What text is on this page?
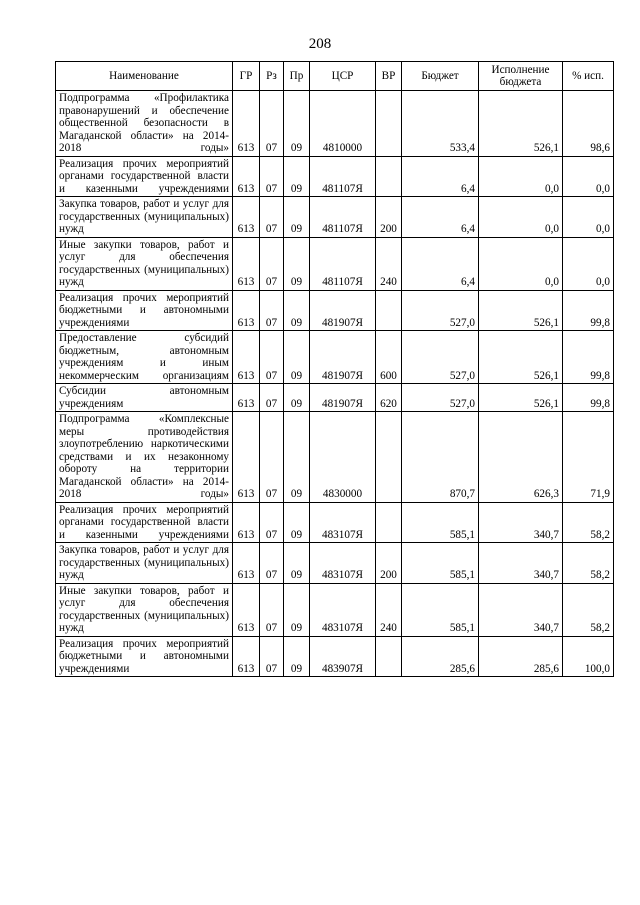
208
Наименование	ГР	Рз	Пр	ЦСР	ВР	Бюджет	Исполнение бюджета	% исп.
Подпрограмма «Профилактика правонарушений и обеспечение общественной безопасности в Магаданской области» на 2014-2018 годы»	613	07	09	4810000		533,4	526,1	98,6
Реализация прочих мероприятий органами государственной власти и казенными учреждениями	613	07	09	481107Я		6,4	0,0	0,0
Закупка товаров, работ и услуг для государственных (муниципальных) нужд	613	07	09	481107Я	200	6,4	0,0	0,0
Иные закупки товаров, работ и услуг для обеспечения государственных (муниципальных) нужд	613	07	09	481107Я	240	6,4	0,0	0,0
Реализация прочих мероприятий бюджетными и автономными учреждениями	613	07	09	481907Я		527,0	526,1	99,8
Предоставление субсидий бюджетным, автономным учреждениям и иным некоммерческим организациям	613	07	09	481907Я	600	527,0	526,1	99,8
Субсидии автономным учреждениям	613	07	09	481907Я	620	527,0	526,1	99,8
Подпрограмма «Комплексные меры противодействия злоупотреблению наркотическими средствами и их незаконному обороту на территории Магаданской области» на 2014-2018 годы»	613	07	09	4830000		870,7	626,3	71,9
Реализация прочих мероприятий органами государственной власти и казенными учреждениями	613	07	09	483107Я		585,1	340,7	58,2
Закупка товаров, работ и услуг для государственных (муниципальных) нужд	613	07	09	483107Я	200	585,1	340,7	58,2
Иные закупки товаров, работ и услуг для обеспечения государственных (муниципальных) нужд	613	07	09	483107Я	240	585,1	340,7	58,2
Реализация прочих мероприятий бюджетными и автономными учреждениями	613	07	09	483907Я		285,6	285,6	100,0
